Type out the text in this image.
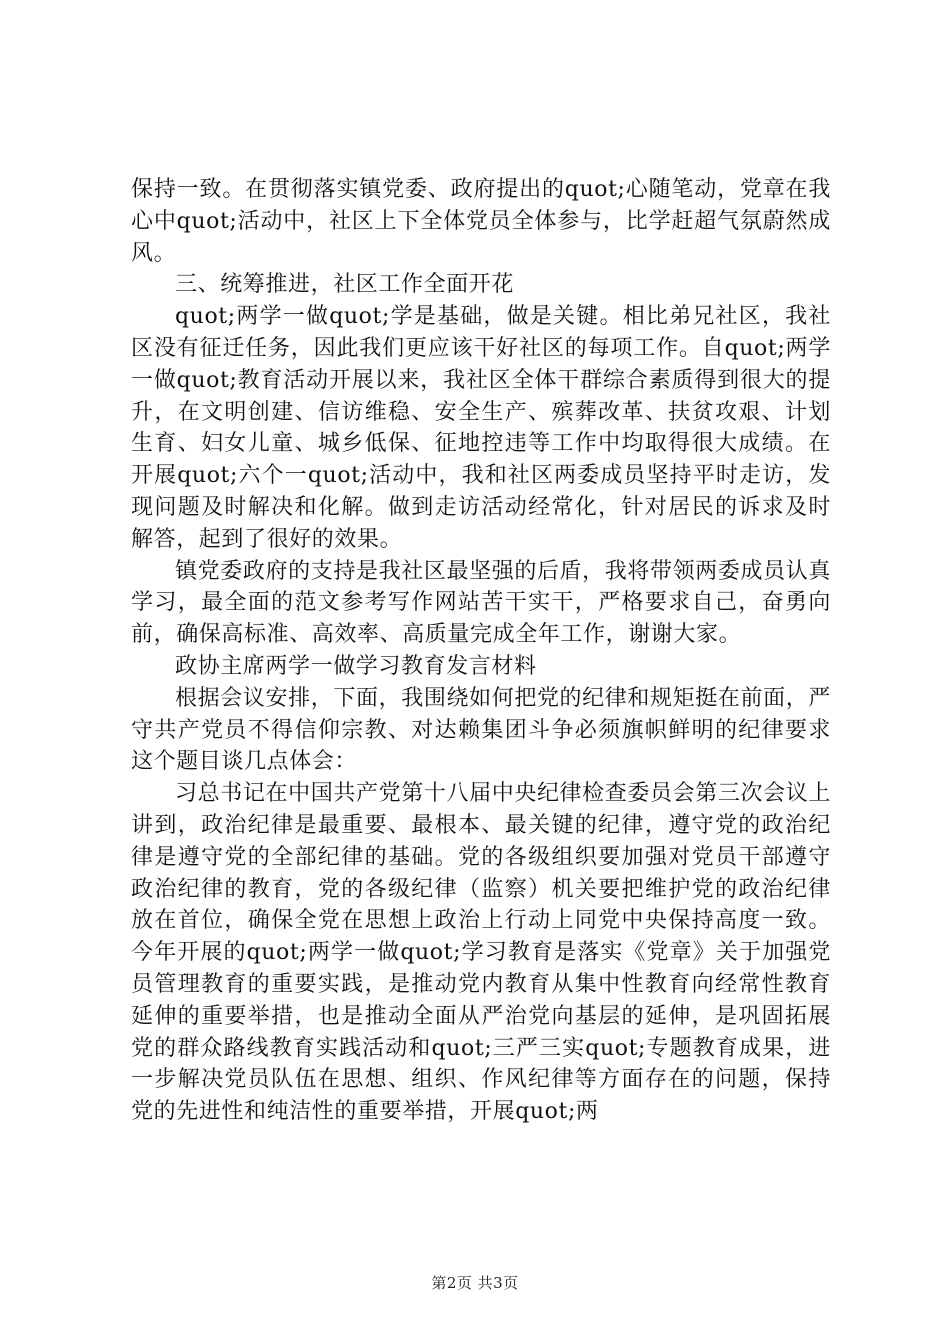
保持一致。在贯彻落实镇党委、政府提出的quot;心随笔动，党章在我心中quot;活动中，社区上下全体党员全体参与，比学赶超气氛蔚然成风。

三、统筹推进，社区工作全面开花

quot;两学一做quot;学是基础，做是关键。相比弟兄社区，我社区没有征迁任务，因此我们更应该干好社区的每项工作。自quot;两学一做quot;教育活动开展以来，我社区全体干群综合素质得到很大的提升，在文明创建、信访维稳、安全生产、殡葬改革、扶贫攻艰、计划生育、妇女儿童、城乡低保、征地控违等工作中均取得很大成绩。在开展quot;六个一quot;活动中，我和社区两委成员坚持平时走访，发现问题及时解决和化解。做到走访活动经常化，针对居民的诉求及时解答，起到了很好的效果。

镇党委政府的支持是我社区最坚强的后盾，我将带领两委成员认真学习，最全面的范文参考写作网站苦干实干，严格要求自己，奋勇向前，确保高标准、高效率、高质量完成全年工作，谢谢大家。

政协主席两学一做学习教育发言材料

根据会议安排，下面，我围绕如何把党的纪律和规矩挺在前面，严守共产党员不得信仰宗教、对达赖集团斗争必须旗帜鲜明的纪律要求这个题目谈几点体会：

习总书记在中国共产党第十八届中央纪律检查委员会第三次会议上讲到，政治纪律是最重要、最根本、最关键的纪律，遵守党的政治纪律是遵守党的全部纪律的基础。党的各级组织要加强对党员干部遵守政治纪律的教育，党的各级纪律（监察）机关要把维护党的政治纪律放在首位，确保全党在思想上政治上行动上同党中央保持高度一致。今年开展的quot;两学一做quot;学习教育是落实《党章》关于加强党员管理教育的重要实践，是推动党内教育从集中性教育向经常性教育延伸的重要举措，也是推动全面从严治党向基层的延伸，是巩固拓展党的群众路线教育实践活动和quot;三严三实quot;专题教育成果，进一步解决党员队伍在思想、组织、作风纪律等方面存在的问题，保持党的先进性和纯洁性的重要举措，开展quot;两

第2页 共3页
